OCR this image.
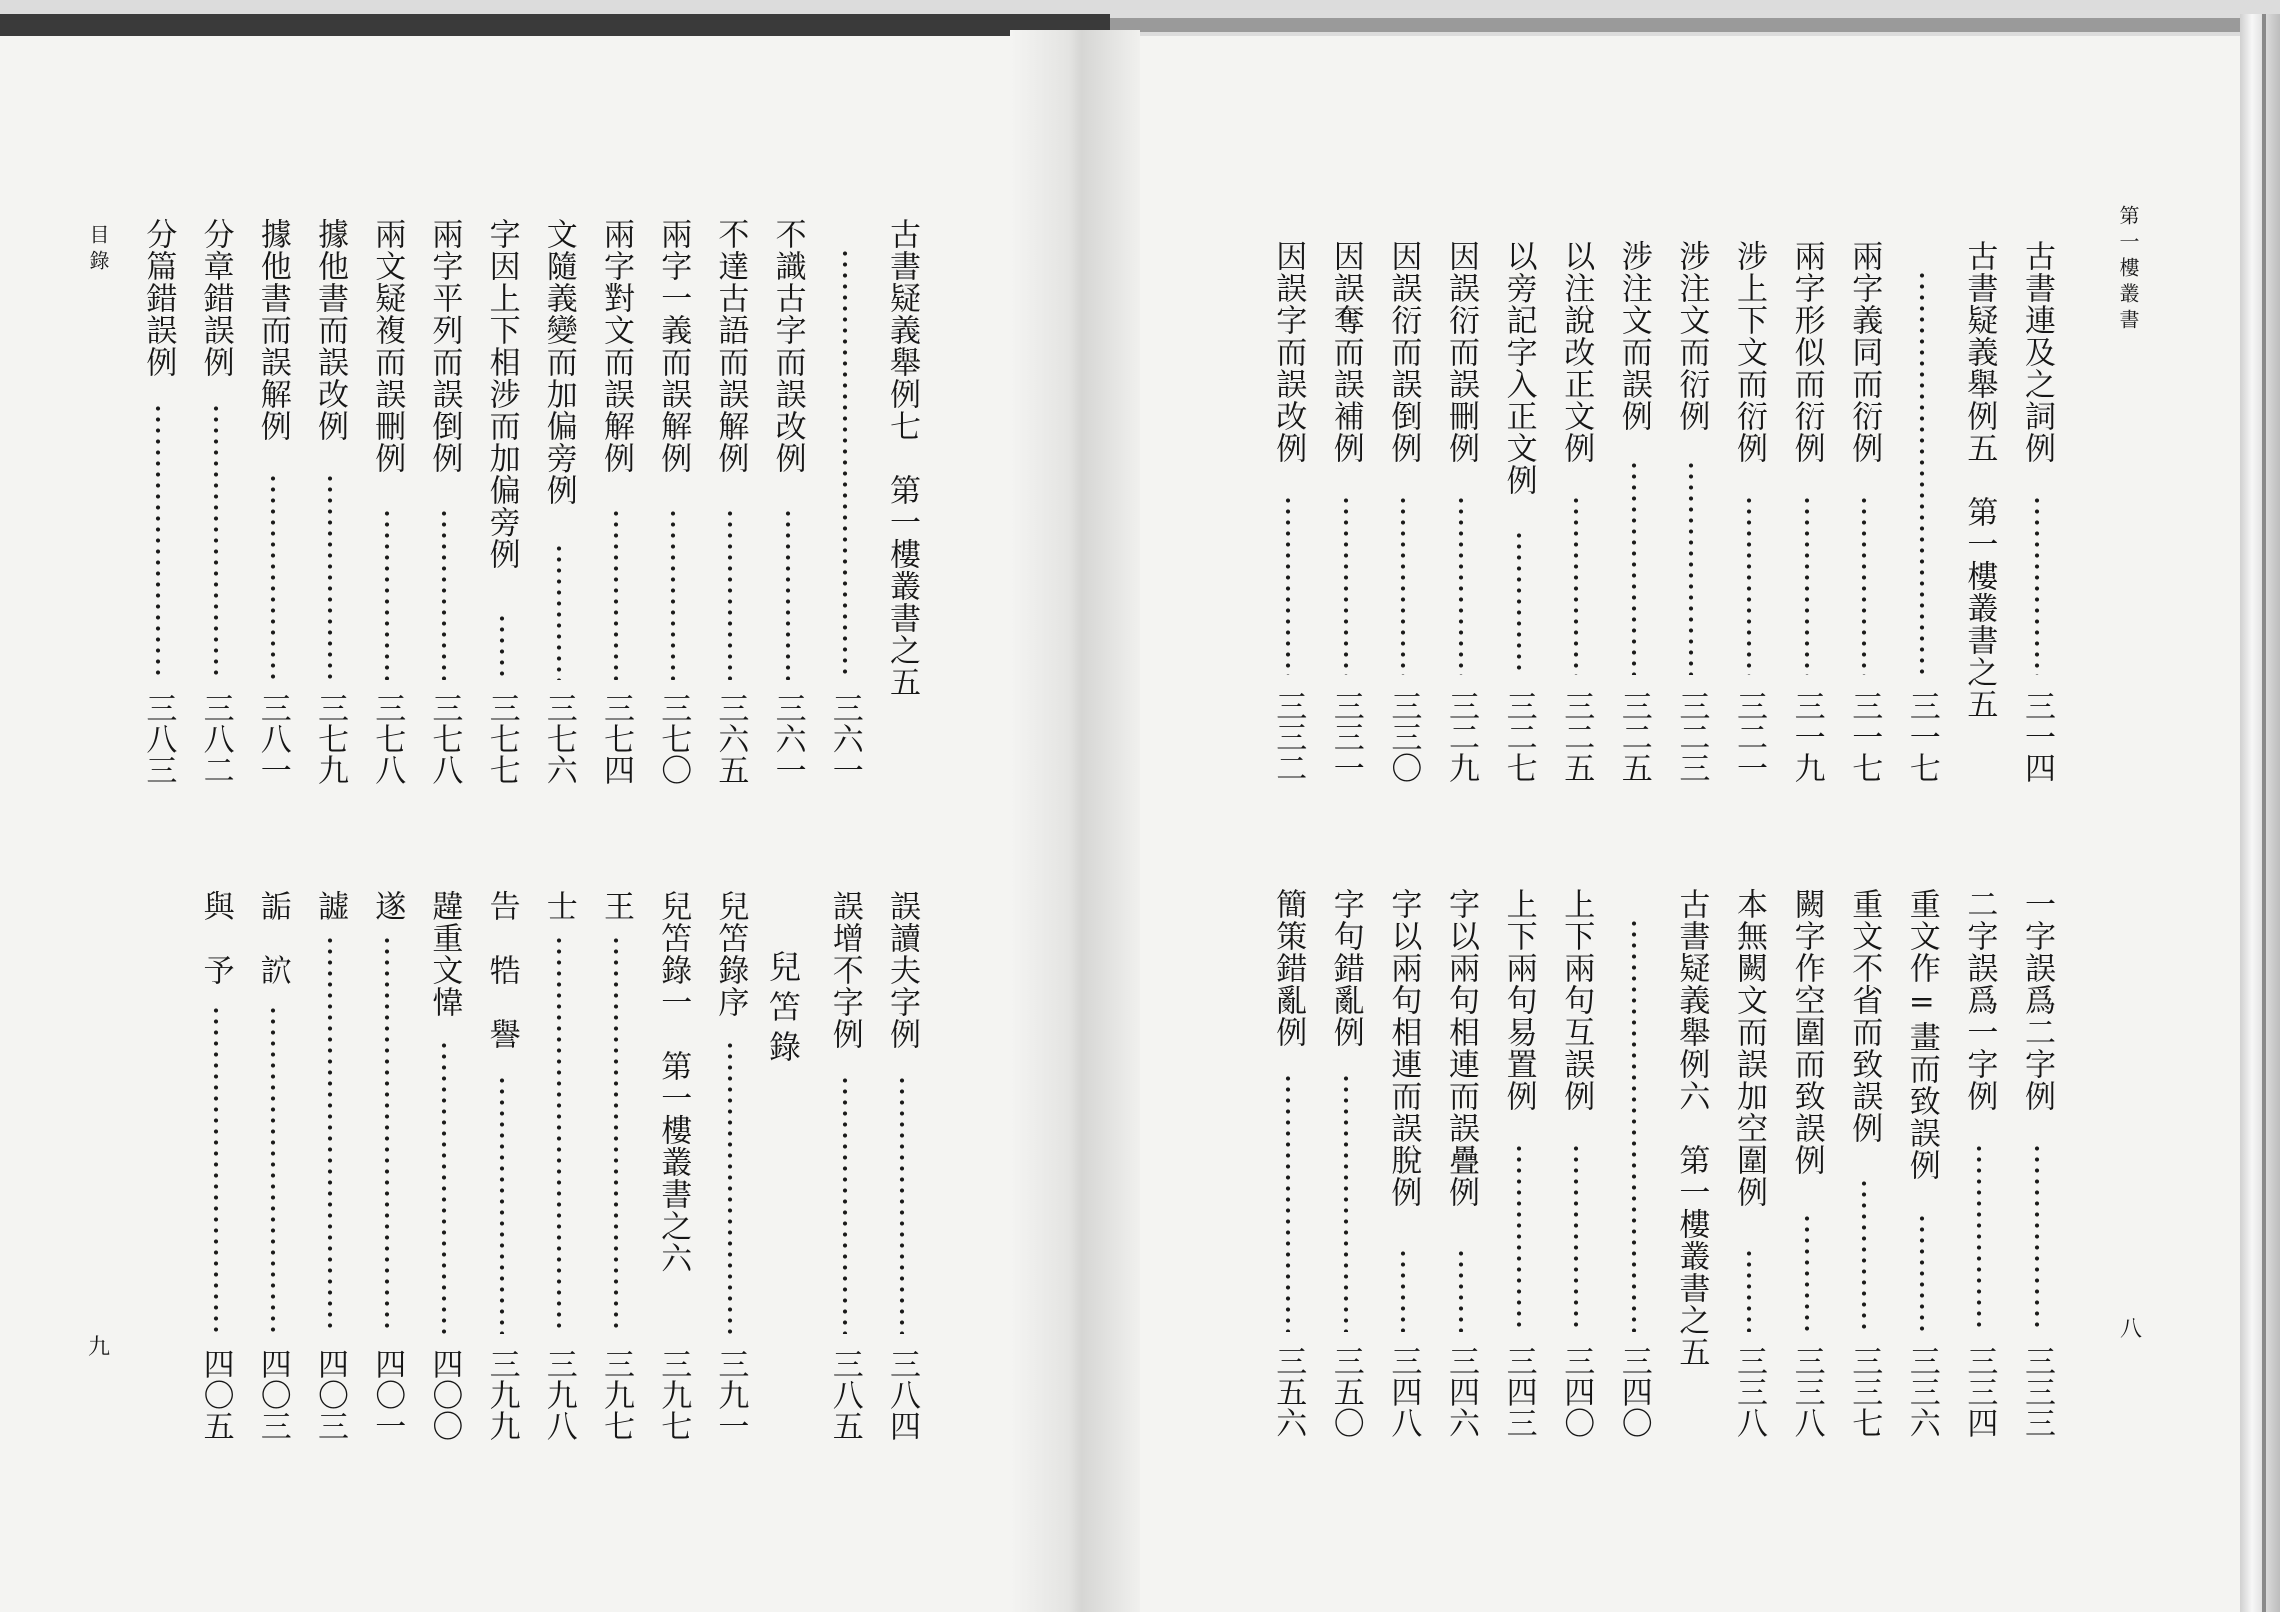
第一樓叢書
八
目錄
九
兒笘錄
古書連及之詞例
三一四
古書疑義舉例五　第一樓叢書之五
三一七
兩字義同而衍例
三一七
兩字形似而衍例
三一九
涉上下文而衍例
三二一
涉注文而衍例
三二三
涉注文而誤例
三二五
以注說改正文例
三二五
以旁記字入正文例
三二七
因誤衍而誤刪例
三二九
因誤衍而誤倒例
三三〇
因誤奪而誤補例
三三一
因誤字而誤改例
三三二
一字誤爲二字例
三三三
二字誤爲一字例
三三四
重文作=畫而致誤例
三三六
重文不省而致誤例
三三七
闕字作空圍而致誤例
三三八
本無闕文而誤加空圍例
三三八
古書疑義舉例六　第一樓叢書之五
三四〇
上下兩句互誤例
三四〇
上下兩句易置例
三四三
字以兩句相連而誤疊例
三四六
字以兩句相連而誤脫例
三四八
字句錯亂例
三五〇
簡策錯亂例
三五六
古書疑義舉例七　第一樓叢書之五
三六一
不識古字而誤改例
三六一
不達古語而誤解例
三六五
兩字一義而誤解例
三七〇
兩字對文而誤解例
三七四
文隨義變而加偏旁例
三七六
字因上下相涉而加偏旁例
三七七
兩字平列而誤倒例
三七八
兩文疑複而誤刪例
三七八
據他書而誤改例
三七九
據他書而誤解例
三八一
分章錯誤例
三八二
分篇錯誤例
三八三
誤讀夫字例
三八四
誤增不字例
三八五
兒笘錄序
三九一
兒笘錄一　第一樓叢書之六
三九七
王
三九七
士
三九八
告　牿　譽
三九九
韙重文愇
四〇〇
遂
四〇一
譃
四〇三
詬　䛎
四〇三
與　予
四〇五
